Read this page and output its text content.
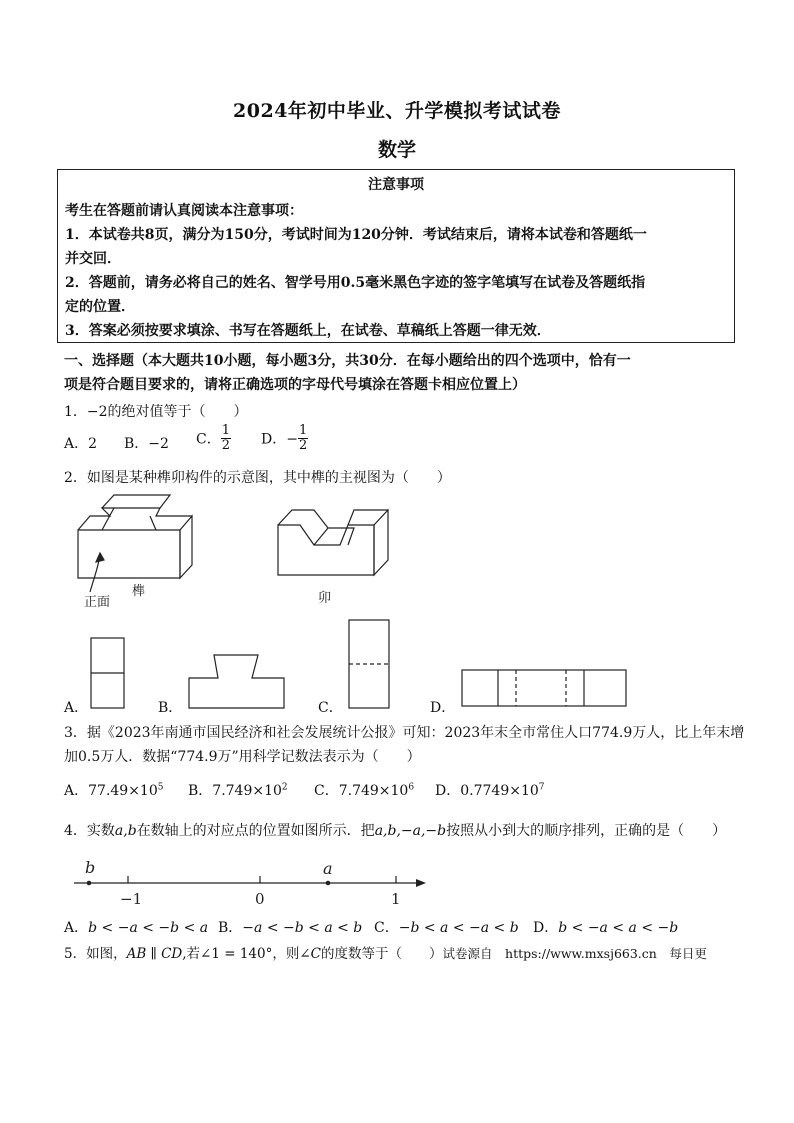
2024年初中毕业、升学模拟考试试卷
数学
注意事项
考生在答题前请认真阅读本注意事项：
1．本试卷共8页，满分为150分，考试时间为120分钟．考试结束后，请将本试卷和答题纸一
并交回．
2．答题前，请务必将自己的姓名、智学号用0.5毫米黑色字迹的签字笔填写在试卷及答题纸指
定的位置．
3．答案必须按要求填涂、书写在答题纸上，在试卷、草稿纸上答题一律无效．
一、选择题（本大题共10小题，每小题3分，共30分．在每小题给出的四个选项中，恰有一
项是符合题目要求的，请将正确选项的字母代号填涂在答题卡相应位置上）
1．−2的绝对值等于（　　）
A．2 B．−2 C． $\frac{1}{2}$ D．− $\frac{1}{2}$
2．如图是某种榫卯构件的示意图，其中榫的主视图为（　　）
正面
榫	卯
A．	B．	C．	D．
3．据《2023年南通市国民经济和社会发展统计公报》可知：2023年末全市常住人口774.9万人，比上年末增
加0.5万人．数据“774.9万”用科学记数法表示为（　　）
A．$77.49\times 10^5$ B．$7.749\times 10^2$ C．$7.749\times 10^6$ D．$0.7749\times 10^7$
4．实数a,b在数轴上的对应点的位置如图所示．把a,b,−a,−b按照从小到大的顺序排列，正确的是（　　）
b	a
−1	0	1
A．b < −a < −b < a B．−a < −b < a < b C．−b < a < −a < b D．b < −a < a < −b
5．如图，AB ∥ CD,若∠1 = 140°，则∠C的度数等于（　　）试卷源自　https://www.mxsj663.cn　每日更
